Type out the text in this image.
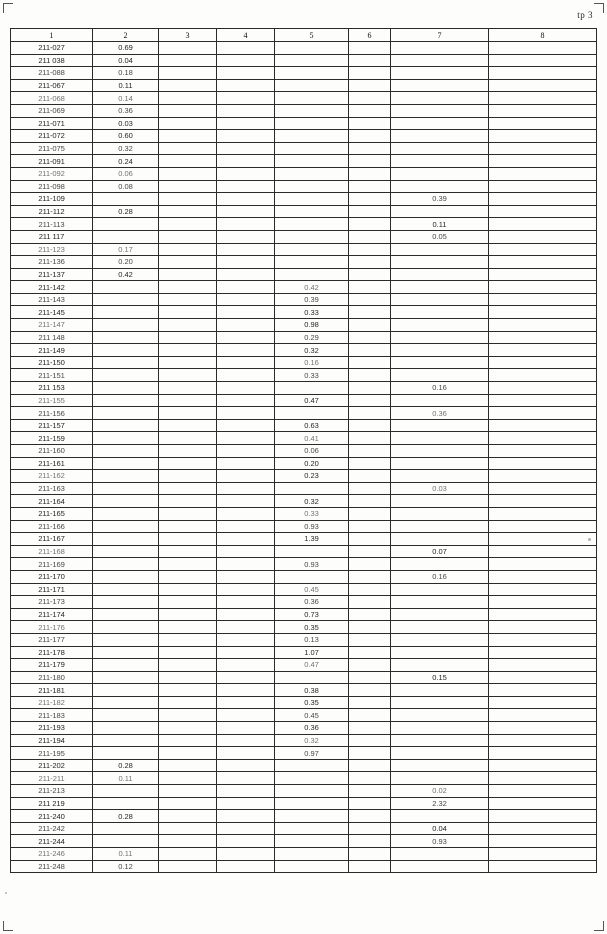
tp 3
1	2	3	4	5	6	7	8
211-027	0.69						
211 038	0.04						
211-088	0.18						
211-067	0.11						
211-068	0.14						
211-069	0.36						
211-071	0.03						
211-072	0.60						
211-075	0.32						
211-091	0.24						
211-092	0.06						
211-098	0.08						
211-109						0.39	
211-112	0.28						
211-113						0.11	
211 117						0.05	
211-123	0.17						
211-136	0.20						
211-137	0.42						
211-142				0.42			
211-143				0.39			
211-145				0.33			
211-147				0.98			
211 148				0.29			
211-149				0.32			
211-150				0.16			
211-151				0.33			
211 153						0.16	
211-155				0.47			
211-156						0.36	
211-157				0.63			
211-159				0.41			
211-160				0.06			
211-161				0.20			
211-162				0.23			
211-163						0.03	
211-164				0.32			
211-165				0.33			
211-166				0.93			
211-167				1.39			
211-168						0.07	
211-169				0.93			
211-170						0.16	
211-171				0.45			
211-173				0.36			
211-174				0.73			
211-176				0.35			
211-177				0.13			
211-178				1.07			
211-179				0.47			
211-180						0.15	
211-181				0.38			
211-182				0.35			
211-183				0.45			
211-193				0.36			
211-194				0.32			
211-195				0.97			
211-202	0.28						
211-211	0.11						
211-213						0.02	
211 219						2.32	
211-240	0.28						
211-242						0.04	
211-244						0.93	
211-246	0.11						
211-248	0.12						
